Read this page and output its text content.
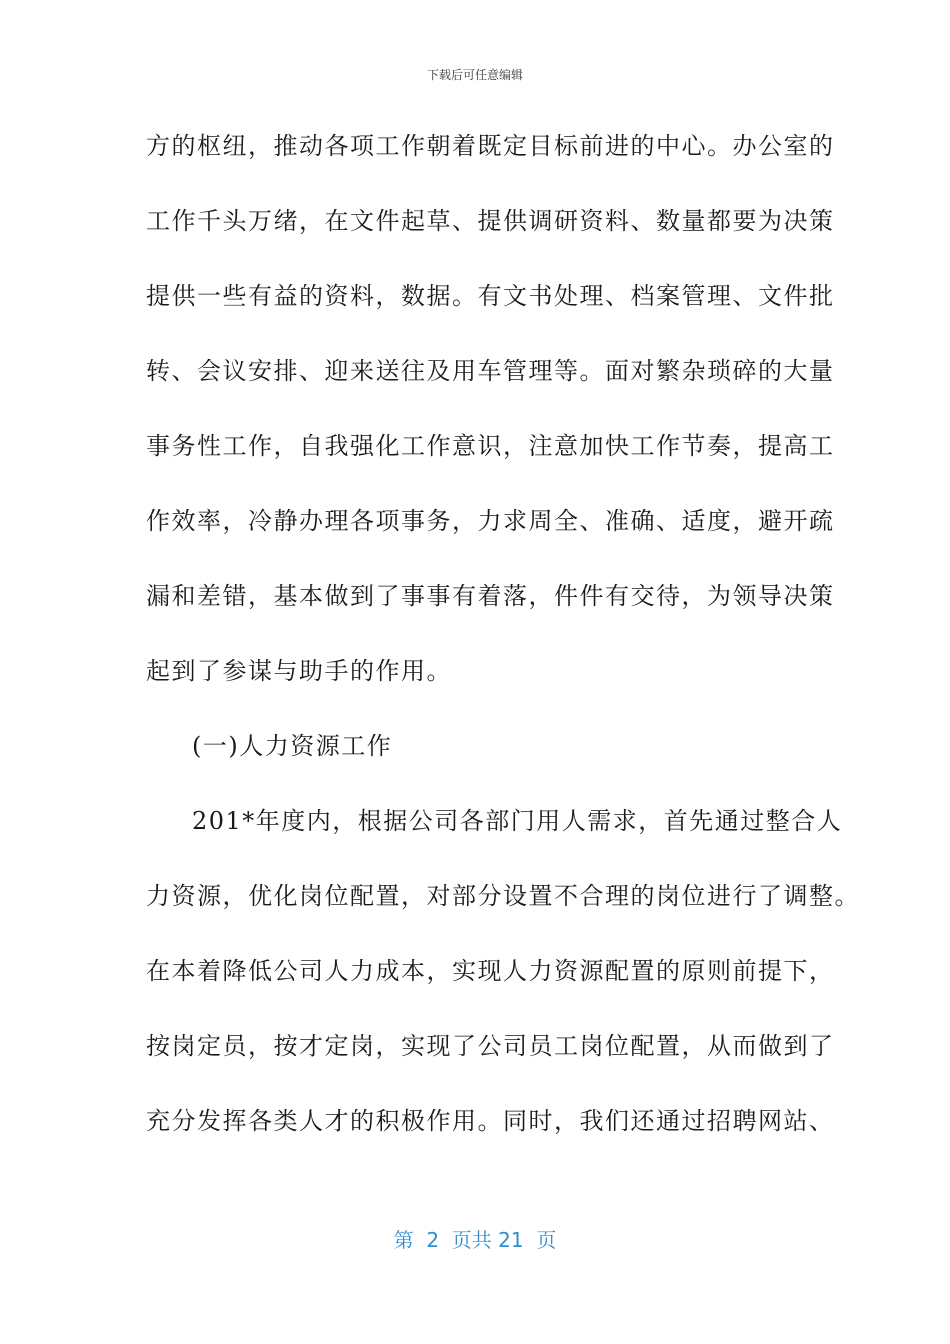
下载后可任意编辑
方的枢纽，推动各项工作朝着既定目标前进的中心。办公室的
工作千头万绪，在文件起草、提供调研资料、数量都要为决策
提供一些有益的资料，数据。有文书处理、档案管理、文件批
转、会议安排、迎来送往及用车管理等。面对繁杂琐碎的大量
事务性工作，自我强化工作意识，注意加快工作节奏，提高工
作效率，冷静办理各项事务，力求周全、准确、适度，避开疏
漏和差错，基本做到了事事有着落，件件有交待，为领导决策
起到了参谋与助手的作用。
(一)人力资源工作
201*年度内，根据公司各部门用人需求，首先通过整合人
力资源，优化岗位配置，对部分设置不合理的岗位进行了调整。
在本着降低公司人力成本，实现人力资源配置的原则前提下，
按岗定员，按才定岗，实现了公司员工岗位配置，从而做到了
充分发挥各类人才的积极作用。同时，我们还通过招聘网站、
第  2  页共 21  页
